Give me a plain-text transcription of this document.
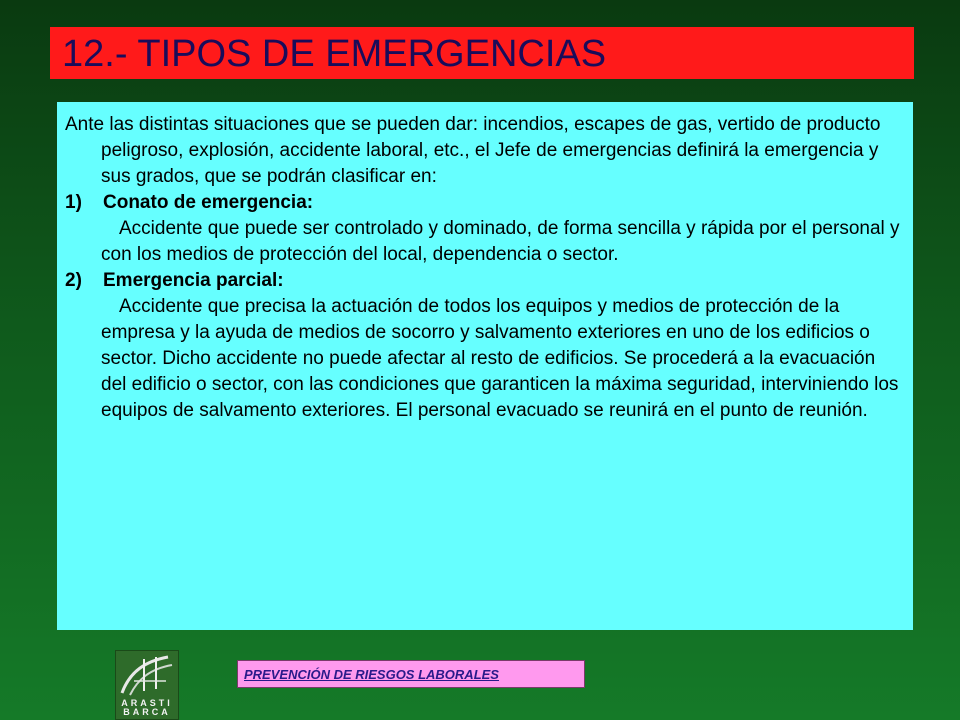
12.- TIPOS DE EMERGENCIAS

Ante las distintas situaciones que se pueden dar: incendios, escapes de gas, vertido de producto peligroso, explosión, accidente laboral, etc., el Jefe de emergencias definirá la emergencia y sus grados, que se podrán clasificar en:

1)	Conato de emergencia:

Accidente que puede ser controlado y dominado, de forma sencilla y rápida por el personal y con los medios de protección del local, dependencia o sector.

2)	Emergencia parcial:

Accidente que precisa la actuación de todos los equipos y medios de protección de la empresa y la ayuda de medios de socorro y salvamento exteriores en uno de los edificios o sector. Dicho accidente no puede afectar al resto de edificios. Se procederá a la evacuación del edificio o sector, con las condiciones que garanticen la máxima seguridad, interviniendo los equipos de salvamento exteriores. El personal evacuado se reunirá en el punto de reunión.

ARASTI
BARCA
PREVENCIÓN DE RIESGOS LABORALES
